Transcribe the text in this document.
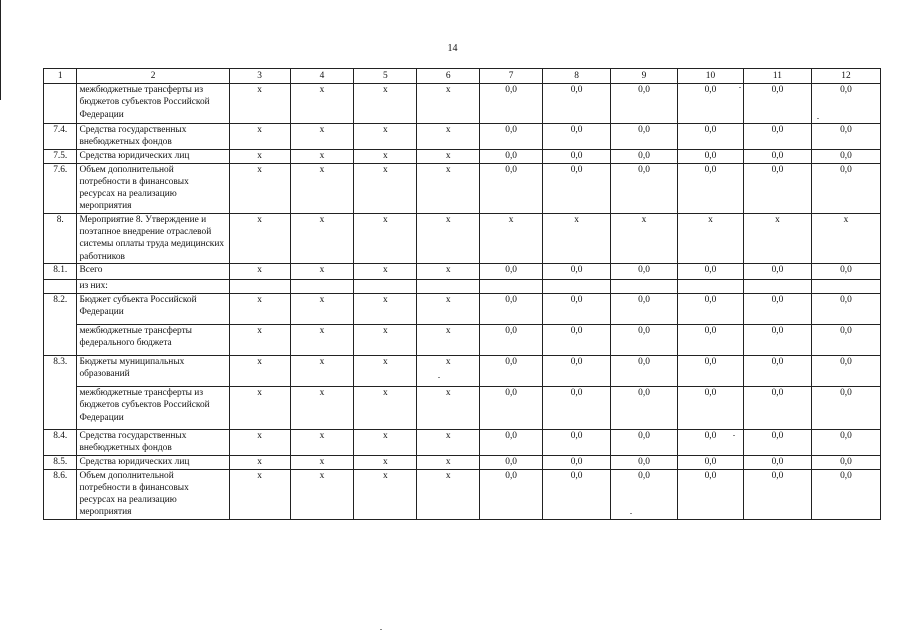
14
1	2	3	4	5	6	7	8	9	10	11	12
	межбюджетные трансферты из бюджетов субъектов Российской Федерации	х	х	х	х	0,0	0,0	0,0	0,0	0,0	0,0
7.4.	Средства государственных внебюджетных фондов	х	х	х	х	0,0	0,0	0,0	0,0	0,0	0,0
7.5.	Средства юридических лиц	х	х	х	х	0,0	0,0	0,0	0,0	0,0	0,0
7.6.	Объем дополнительной потребности в финансовых ресурсах на реализацию мероприятия	х	х	х	х	0,0	0,0	0,0	0,0	0,0	0,0
8.	Мероприятие 8. Утверждение и поэтапное внедрение отраслевой системы оплаты труда медицинских работников	х	х	х	х	х	х	х	х	х	х
8.1.	Всего	х	х	х	х	0,0	0,0	0,0	0,0	0,0	0,0
	из них:										
8.2.	Бюджет субъекта Российской Федерации	х	х	х	х	0,0	0,0	0,0	0,0	0,0	0,0
	межбюджетные трансферты федерального бюджета	х	х	х	х	0,0	0,0	0,0	0,0	0,0	0,0
8.3.	Бюджеты муниципальных образований	х	х	х	х	0,0	0,0	0,0	0,0	0,0	0,0
	межбюджетные трансферты из бюджетов субъектов Российской Федерации	х	х	х	х	0,0	0,0	0,0	0,0	0,0	0,0
8.4.	Средства государственных внебюджетных фондов	х	х	х	х	0,0	0,0	0,0	0,0	0,0	0,0
8.5.	Средства юридических лиц	х	х	х	х	0,0	0,0	0,0	0,0	0,0	0,0
8.6.	Объем дополнительной потребности в финансовых ресурсах на реализацию мероприятия	х	х	х	х	0,0	0,0	0,0	0,0	0,0	0,0
